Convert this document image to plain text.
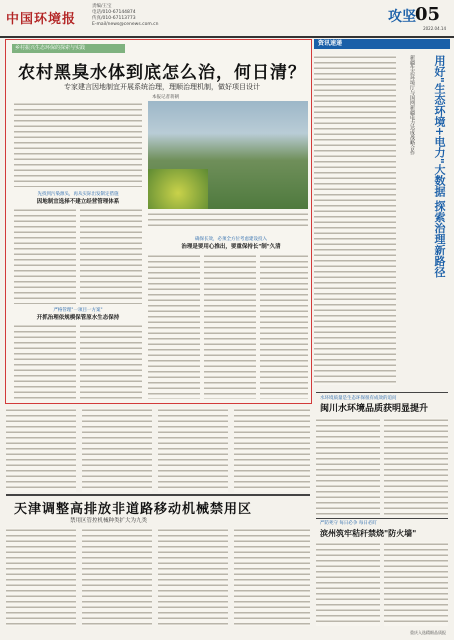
中国环境报
责编/王宝
电话/010-67144874
传真/010-67113773
E-mail/news@cenews.com.cn	攻坚
05
2022.04.14
乡村振兴生态环保的探索与实践
农村黑臭水体到底怎么治，何日清？
专家建言因地制宜开展系统治理，理顺治理机制，做好项目设计
本报记者蒋朝
先找到污染源头，再从实际出发制定措施
因地制宜选择不建立经营管理体系
确保长效，必须全方位考虑建设投入
治理是要用心推出，要重保持长"制"久清
严格管理"一项目一方案"
开抓治理依规模保管原水生态保持
资讯速递
新疆生态环境厅与国网新疆电力达成战略合作	用好"生态环境+电力"大数据 探索治理新路径
水环境质量是生态环保很有成效的追问
闽川水环境品质获明显提升
严防死守 每日必争 每日必盯
滨州筑牢秸秆禁烧"防火墙"
天津调整高排放非道路移动机械禁用区
禁用区管控机械种类扩大为九类
重庆入选精细品质报
